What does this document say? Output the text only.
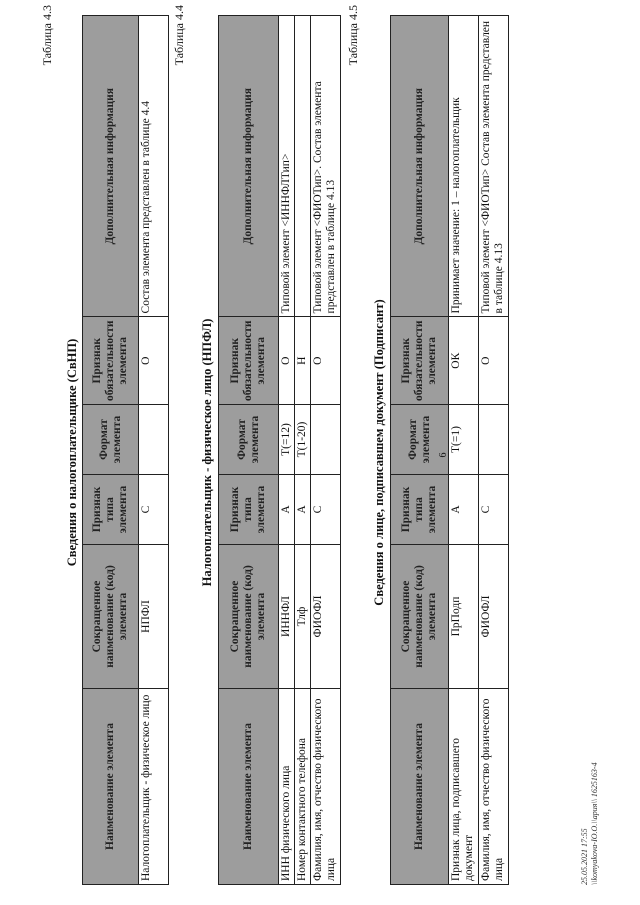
Таблица 4.3
Сведения о налогоплательщике (СвНП)
Наименование элемента	Сокращенное наименование (код) элемента	Признак типа элемента	Формат элемента	Признак обязательности элемента	Дополнительная информация
Налогоплательщик - физическое лицо	НПФЛ	С		О	Состав элемента представлен в таблице 4.4
Таблица 4.4
Налогоплательщик - физическое лицо (НПФЛ)
Наименование элемента	Сокращенное наименование (код) элемента	Признак типа элемента	Формат элемента	Признак обязательности элемента	Дополнительная информация
ИНН физического лица	ИННФЛ	А	T(=12)	О	Типовой элемент <ИННФЛТип>
Номер контактного телефона	Тлф	А	T(1-20)	Н	
Фамилия, имя, отчество физического лица	ФИОФЛ	С		О	Типовой элемент <ФИОТип>. Состав элемента представлен в таблице 4.13
Таблица 4.5
Сведения о лице, подписавшем документ (Подписант)
Наименование элемента	Сокращенное наименование (код) элемента	Признак типа элемента	Формат элемента	Признак обязательности элемента	Дополнительная информация
Признак лица, подписавшего документ	ПрПодп	А	T(=1)	ОК	Принимает значение: 1 – налогоплательщик
Фамилия, имя, отчество физического лица	ФИОФЛ	С		О	Типовой элемент <ФИОТип> Состав элемента представлен в таблице 4.13
6
25.05.2021 17:55 \\komyakova-IO.O.\\ария\\ 1625163-4
